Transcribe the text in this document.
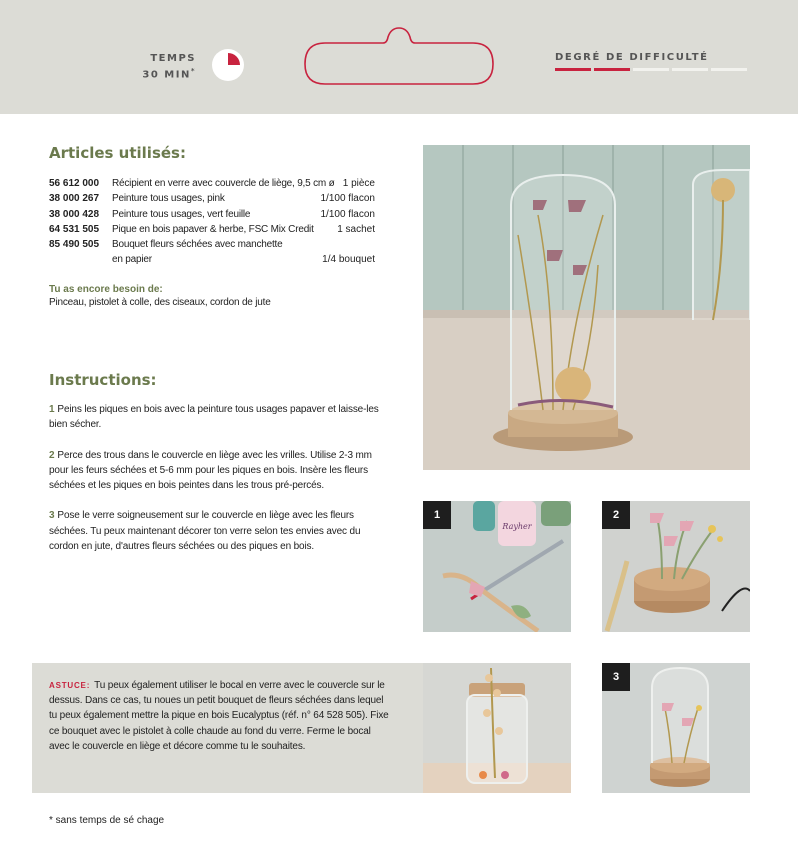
TEMPS
30 MIN*
DEGRÉ DE DIFFICULTÉ
Articles utilisés:
56 612 000	Récipient en verre avec couvercle de liège, 9,5 cm ø 1 pièce
38 000 267	Peinture tous usages, pink	1/100 flacon
38 000 428	Peinture tous usages, vert feuille	1/100 flacon
64 531 505	Pique en bois papaver & herbe, FSC Mix Credit	1 sachet
85 490 505	Bouquet fleurs séchées avec manchette
en papier	1/4 bouquet
Tu as encore besoin de:
Pinceau, pistolet à colle, des ciseaux, cordon de jute
Instructions:
1 Peins les piques en bois avec la peinture tous usages papaver et laisse-les bien sécher.
2 Perce des trous dans le couvercle en liège avec les vrilles. Utilise 2-3 mm pour les feurs séchées et 5-6 mm pour les piques en bois. Insère les fleurs séchées et les piques en bois peintes dans les trous pré-percés.
3 Pose le verre soigneusement sur le couvercle en liège avec les fleurs séchées. Tu peux maintenant décorer ton verre selon tes envies avec du cordon en jute, d'autres fleurs séchées ou des piques en bois.
1
Rayher
2
ASTUCE: Tu peux également utiliser le bocal en verre avec le couvercle sur le dessus. Dans ce cas, tu noues un petit bouquet de fleurs séchées dans lequel tu peux également mettre la pique en bois Eucalyptus (réf. n° 64 528 505). Fixe ce bouquet avec le pistolet à colle chaude au fond du verre. Ferme le bocal avec le couvercle en liège et décore comme tu le souhaites.
3
* sans temps de sé chage
